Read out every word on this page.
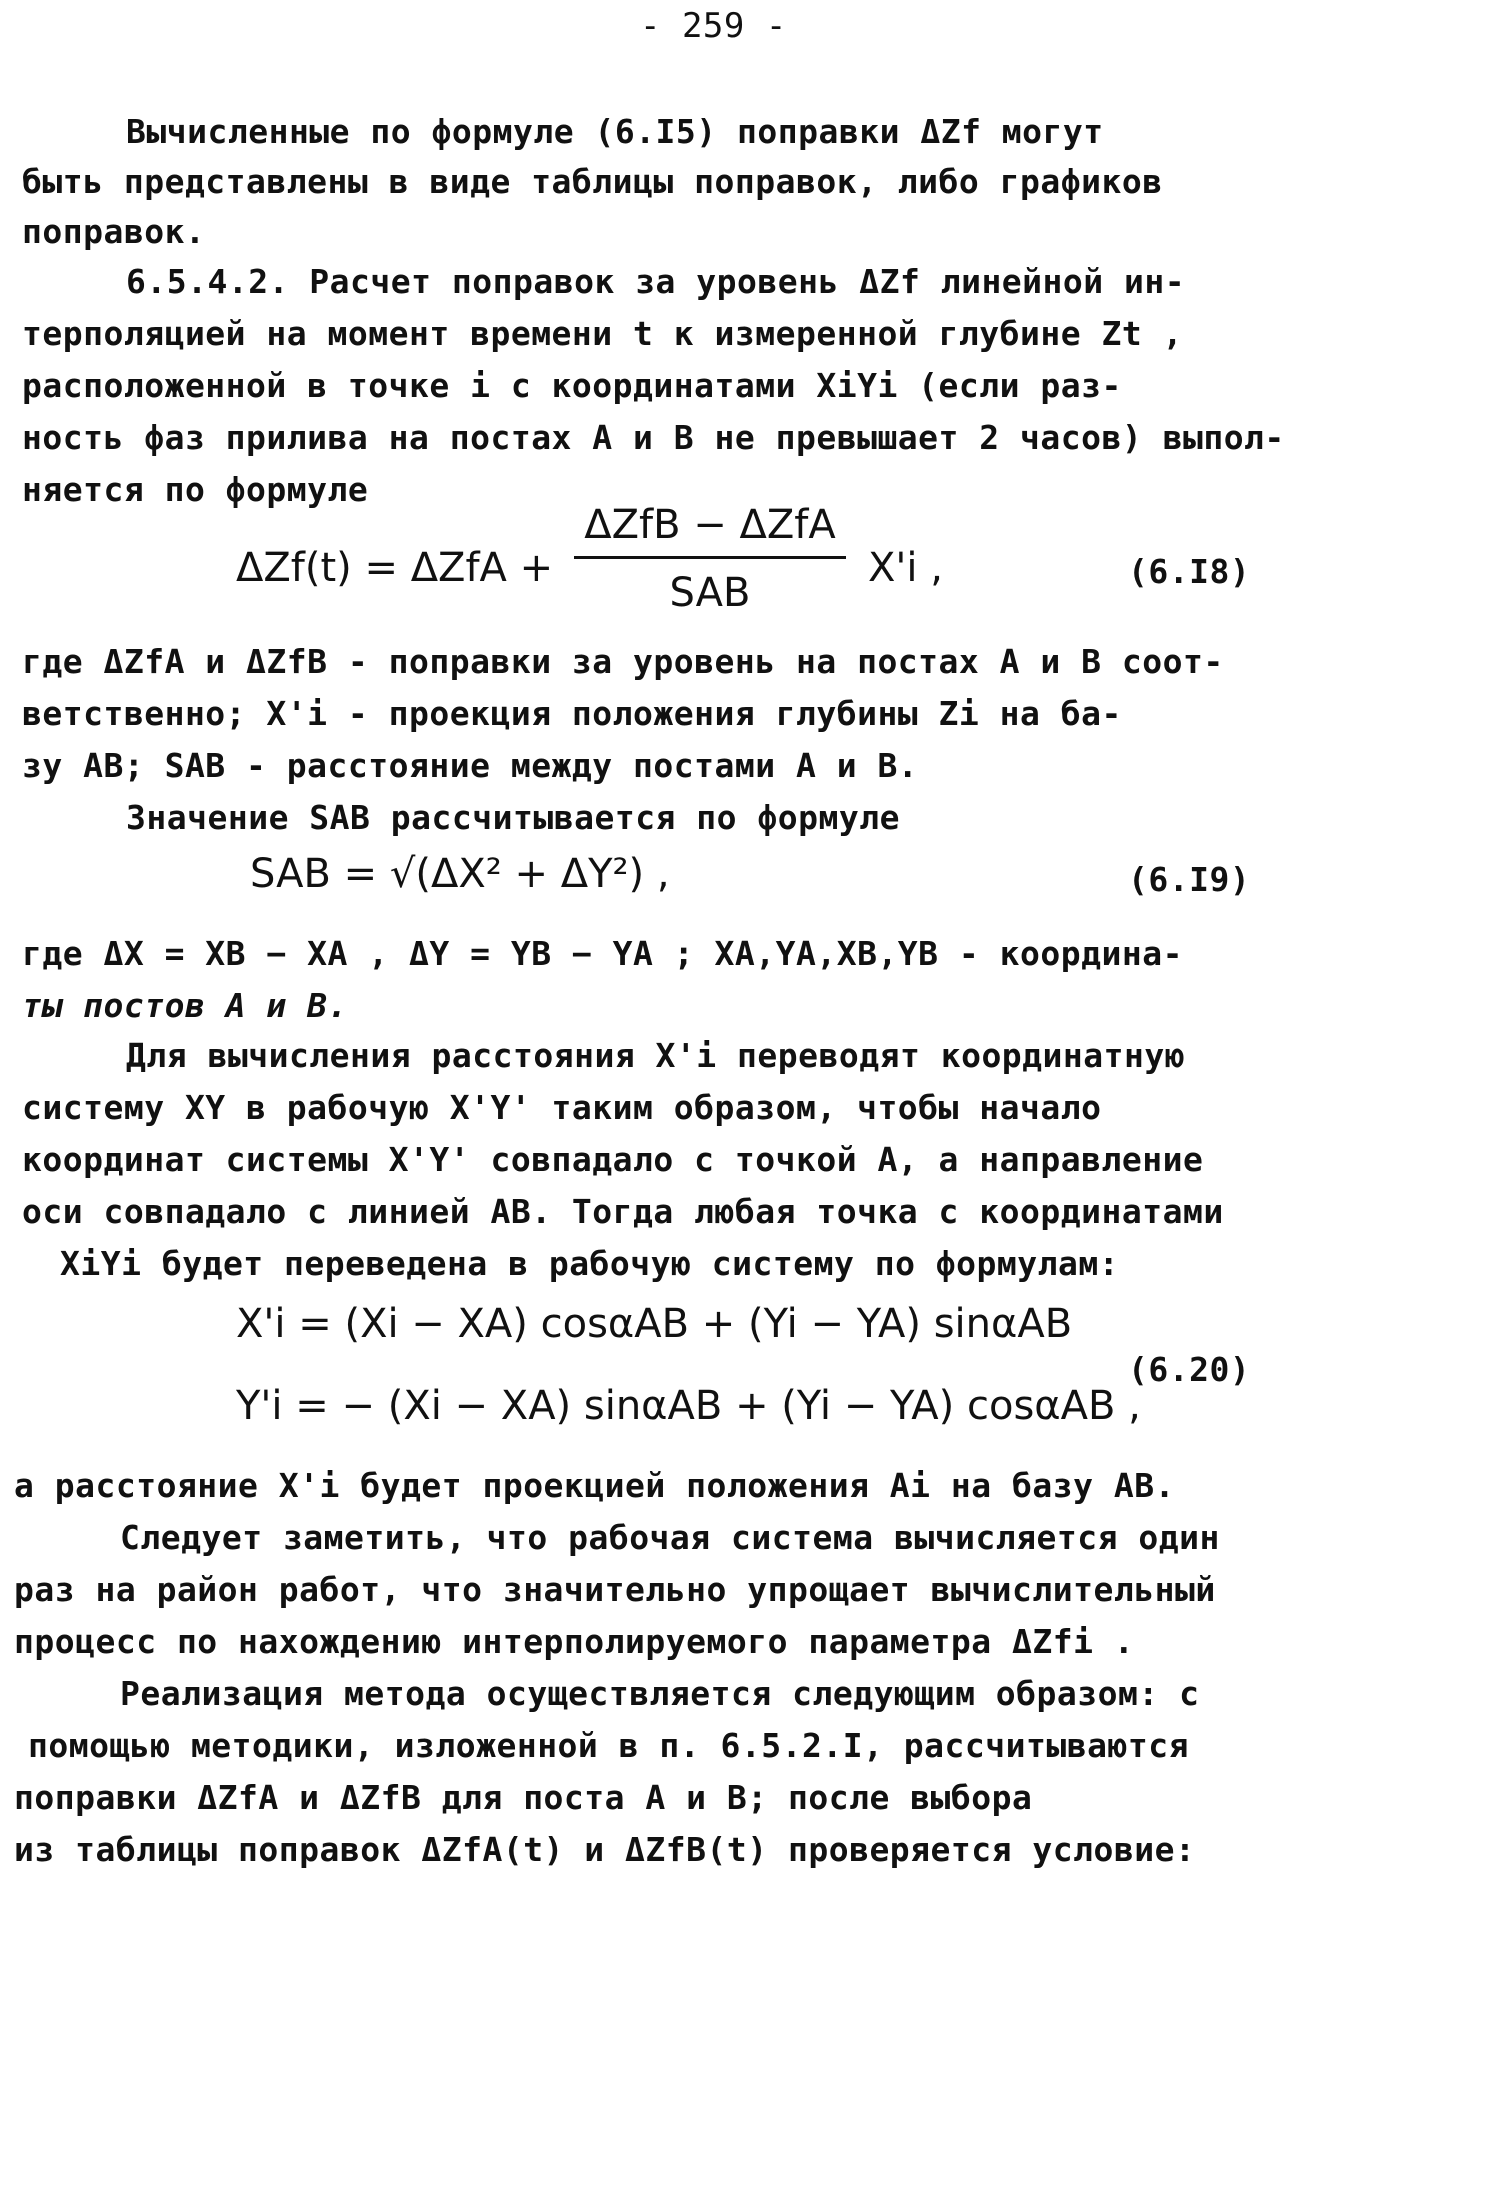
- 259 -
Вычисленные по формуле (6.I5) поправки ΔZf могут
быть представлены в виде таблицы поправок, либо графиков
поправок.
6.5.4.2. Расчет поправок за уровень ΔZf линейной ин-
терполяцией на момент времени t к измеренной глубине Zt ,
расположенной в точке i с координатами XiYi (если раз-
ность фаз прилива на постах А и В не превышает 2 часов) выпол-
няется по формуле
ΔZf(t) = ΔZfA +
ΔZfB − ΔZfA
SAB
X'i ,	(6.I8)
где ΔZfA и ΔZfB - поправки за уровень на постах А и В соот-
ветственно; X'i - проекция положения глубины Zi на ба-
зу АВ; SAB - расстояние между постами А и В.
Значение SAB рассчитывается по формуле
SAB = √(ΔX² + ΔY²) ,	(6.I9)
где ΔX = XB − XA , ΔY = YB − YA ; XA,YA,XB,YB - координа-
ты постов А и В.
Для вычисления расстояния X'i переводят координатную
систему XY в рабочую X'Y' таким образом, чтобы начало
координат системы X'Y' совпадало с точкой А, а направление
оси совпадало с линией АВ. Тогда любая точка с координатами
XiYi будет переведена в рабочую систему по формулам:
X'i = (Xi − XA) cosαAB + (Yi − YA) sinαAB
Y'i = − (Xi − XA) sinαAB + (Yi − YA) cosαAB ,
(6.20)
а расстояние X'i будет проекцией положения Ai на базу АВ.
Следует заметить, что рабочая система вычисляется один
раз на район работ, что значительно упрощает вычислительный
процесс по нахождению интерполируемого параметра ΔZfi .
Реализация метода осуществляется следующим образом: с
помощью методики, изложенной в п. 6.5.2.I, рассчитываются
поправки ΔZfA и ΔZfB для поста А и В; после выбора
из таблицы поправок ΔZfA(t) и ΔZfB(t) проверяется условие:
